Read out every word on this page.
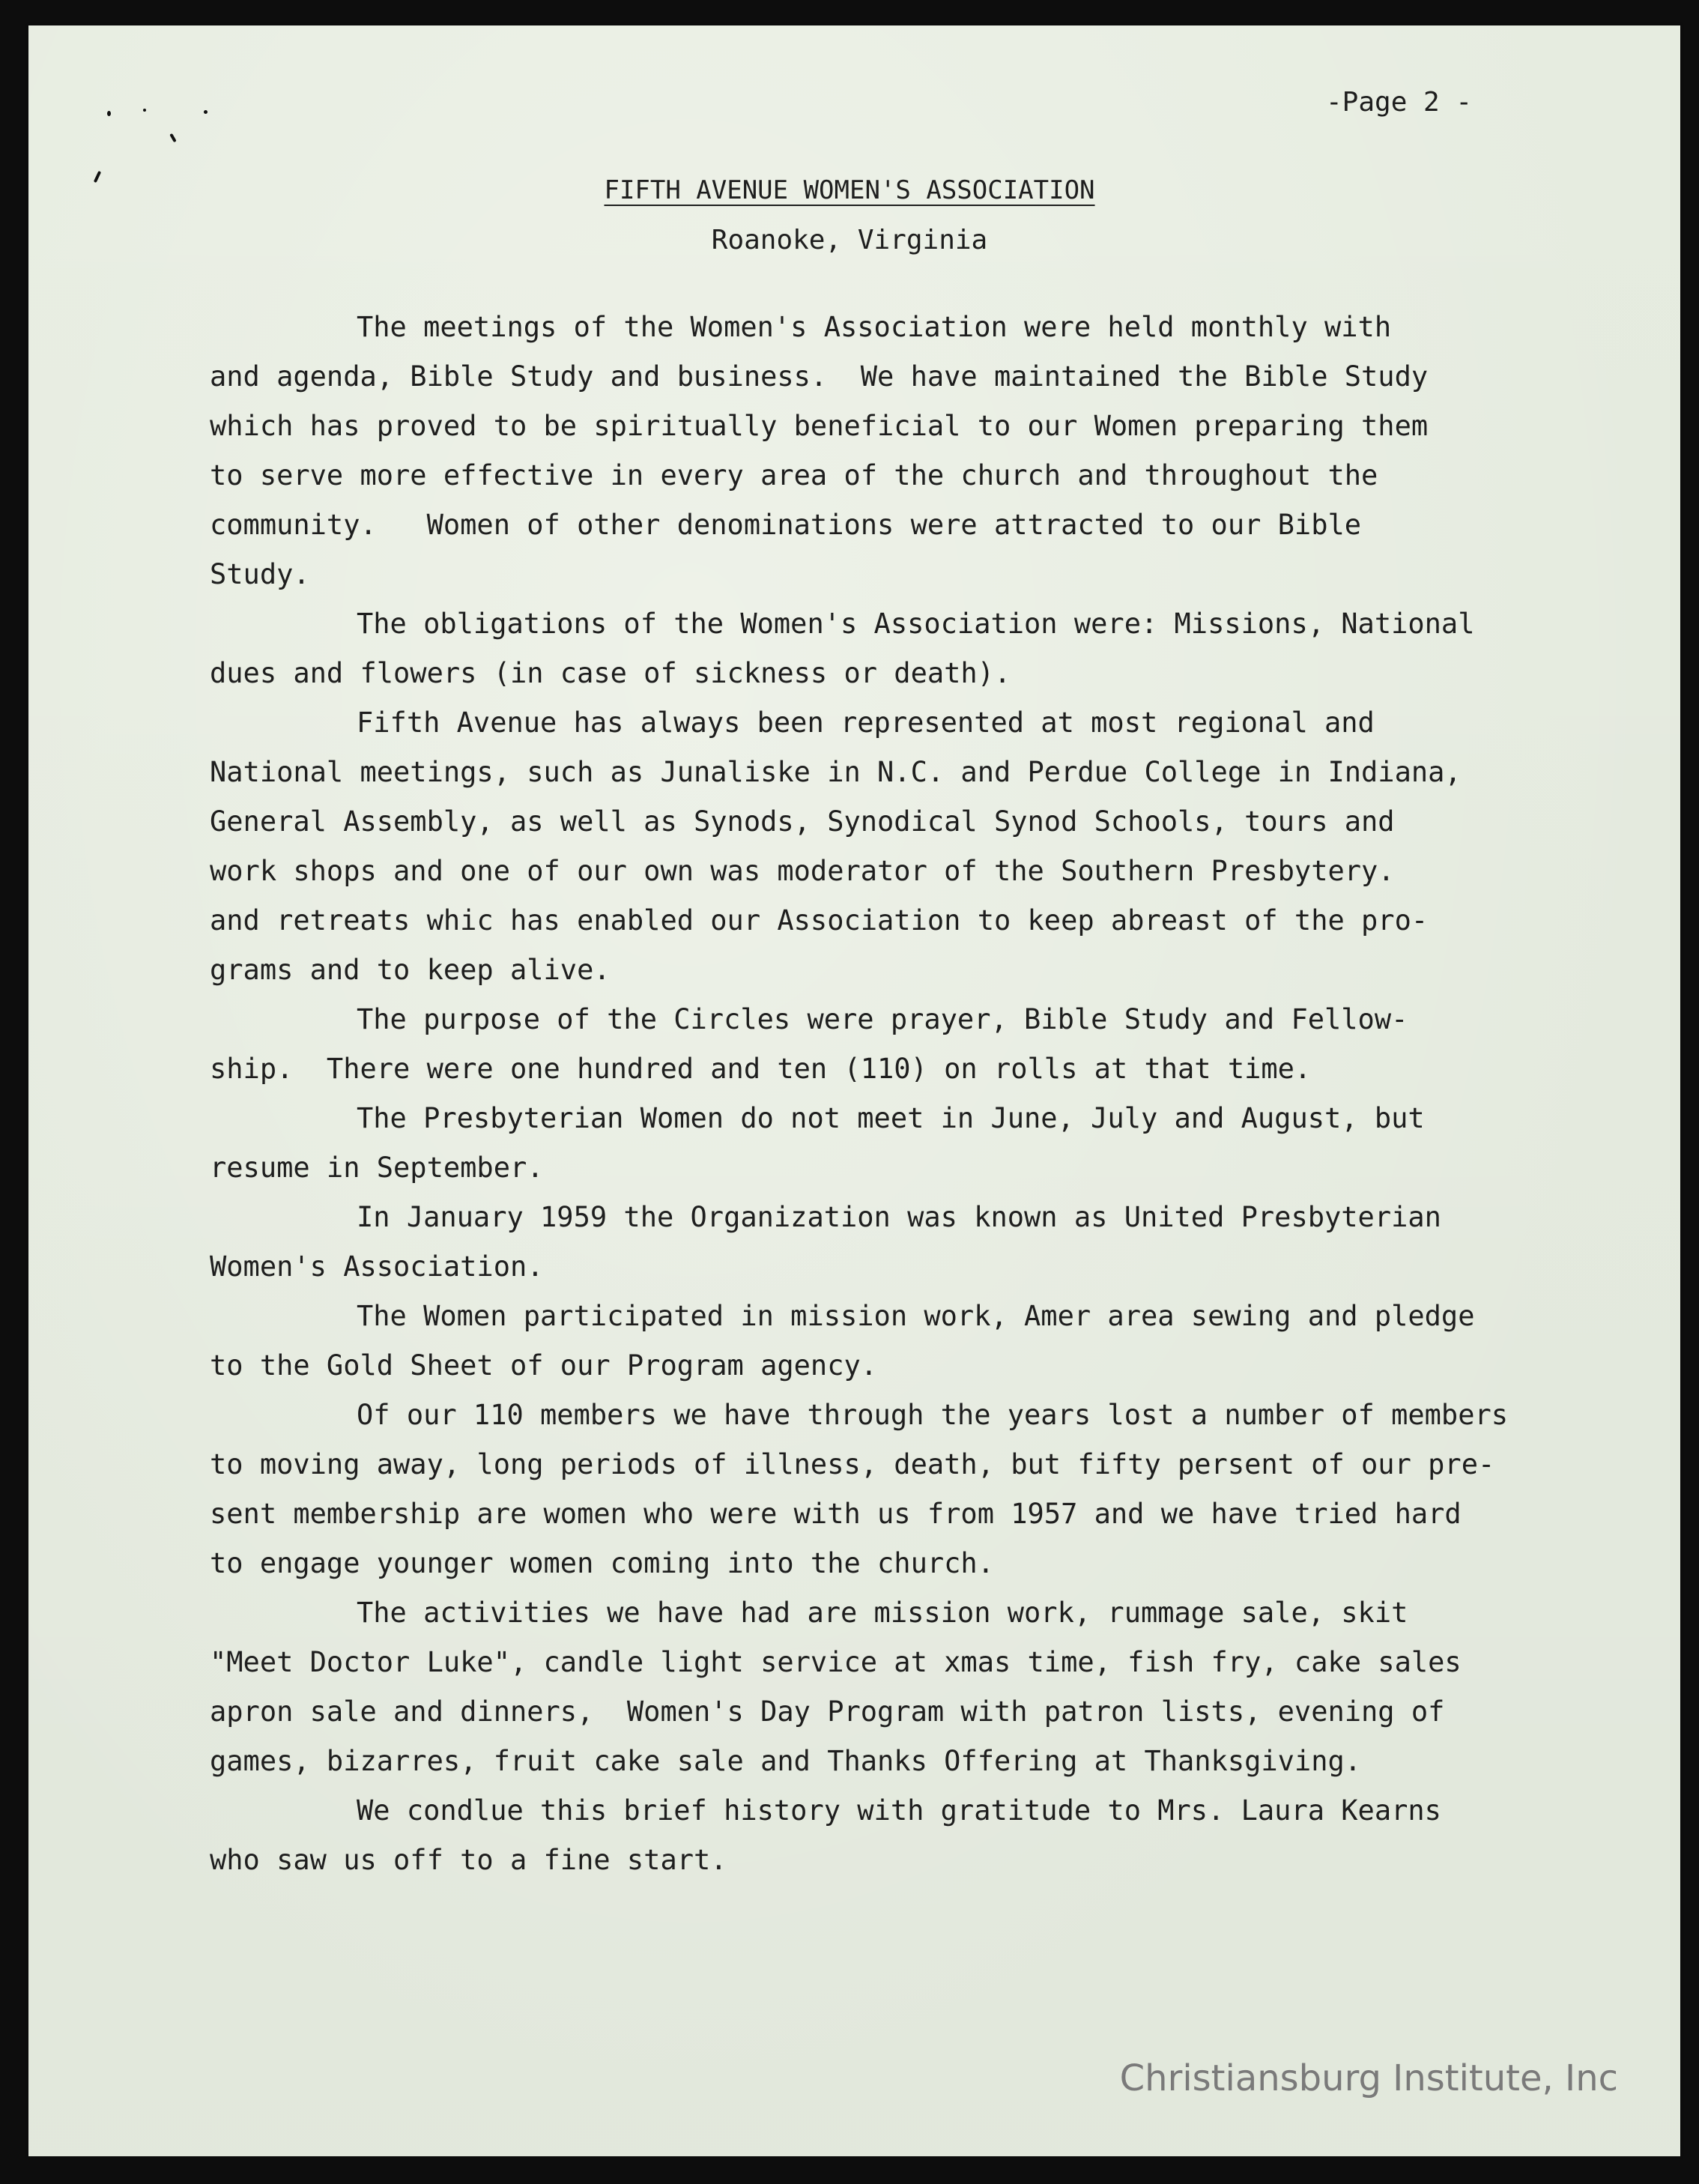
-Page 2 -

FIFTH AVENUE WOMEN'S ASSOCIATION

Roanoke, Virginia

The meetings of the Women's Association were held monthly with

and agenda, Bible Study and business.  We have maintained the Bible Study

which has proved to be spiritually beneficial to our Women preparing them

to serve more effective in every area of the church and throughout the

community.   Women of other denominations were attracted to our Bible

Study.

The obligations of the Women's Association were: Missions, National

dues and flowers (in case of sickness or death).

Fifth Avenue has always been represented at most regional and

National meetings, such as Junaliske in N.C. and Perdue College in Indiana,

General Assembly, as well as Synods, Synodical Synod Schools, tours and

work shops and one of our own was moderator of the Southern Presbytery.

and retreats whic has enabled our Association to keep abreast of the pro-

grams and to keep alive.

The purpose of the Circles were prayer, Bible Study and Fellow-

ship.  There were one hundred and ten (110) on rolls at that time.

The Presbyterian Women do not meet in June, July and August, but

resume in September.

In January 1959 the Organization was known as United Presbyterian

Women's Association.

The Women participated in mission work, Amer area sewing and pledge

to the Gold Sheet of our Program agency.

Of our 110 members we have through the years lost a number of members

to moving away, long periods of illness, death, but fifty persent of our pre-

sent membership are women who were with us from 1957 and we have tried hard

to engage younger women coming into the church.

The activities we have had are mission work, rummage sale, skit

"Meet Doctor Luke", candle light service at xmas time, fish fry, cake sales

apron sale and dinners,  Women's Day Program with patron lists, evening of

games, bizarres, fruit cake sale and Thanks Offering at Thanksgiving.

We condlue this brief history with gratitude to Mrs. Laura Kearns

who saw us off to a fine start.

Christiansburg Institute, Inc
